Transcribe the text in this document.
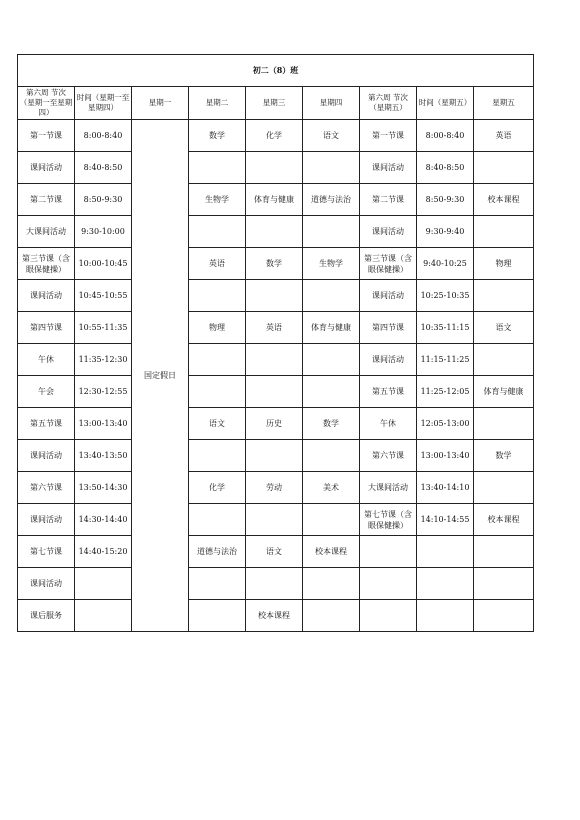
初二（8）班								
第六周 节次（星期一至星期四）	时间（星期一至星期四）	星期一	星期二	星期三	星期四	第六周 节次（星期五）	时间（星期五）	星期五
第一节课	8:00-8:40	国定假日	数学	化学	语文	第一节课	8:00-8:40	英语
课间活动	8:40-8:50					课间活动	8:40-8:50	
第二节课	8:50-9:30		生物学	体育与健康	道德与法治	第二节课	8:50-9:30	校本课程
大课间活动	9:30-10:00					课间活动	9:30-9:40	
第三节课（含眼保健操）	10:00-10:45		英语	数学	生物学	第三节课（含眼保健操）	9:40-10:25	物理
课间活动	10:45-10:55					课间活动	10:25-10:35	
第四节课	10:55-11:35		物理	英语	体育与健康	第四节课	10:35-11:15	语文
午休	11:35-12:30					课间活动	11:15-11:25	
午会	12:30-12:55					第五节课	11:25-12:05	体育与健康
第五节课	13:00-13:40		语文	历史	数学	午休	12:05-13:00	
课间活动	13:40-13:50					第六节课	13:00-13:40	数学
第六节课	13:50-14:30		化学	劳动	美术	大课间活动	13:40-14:10	
课间活动	14:30-14:40					第七节课（含眼保健操）	14:10-14:55	校本课程
第七节课	14:40-15:20		道德与法治	语文	校本课程			
课间活动								
课后服务				校本课程				
